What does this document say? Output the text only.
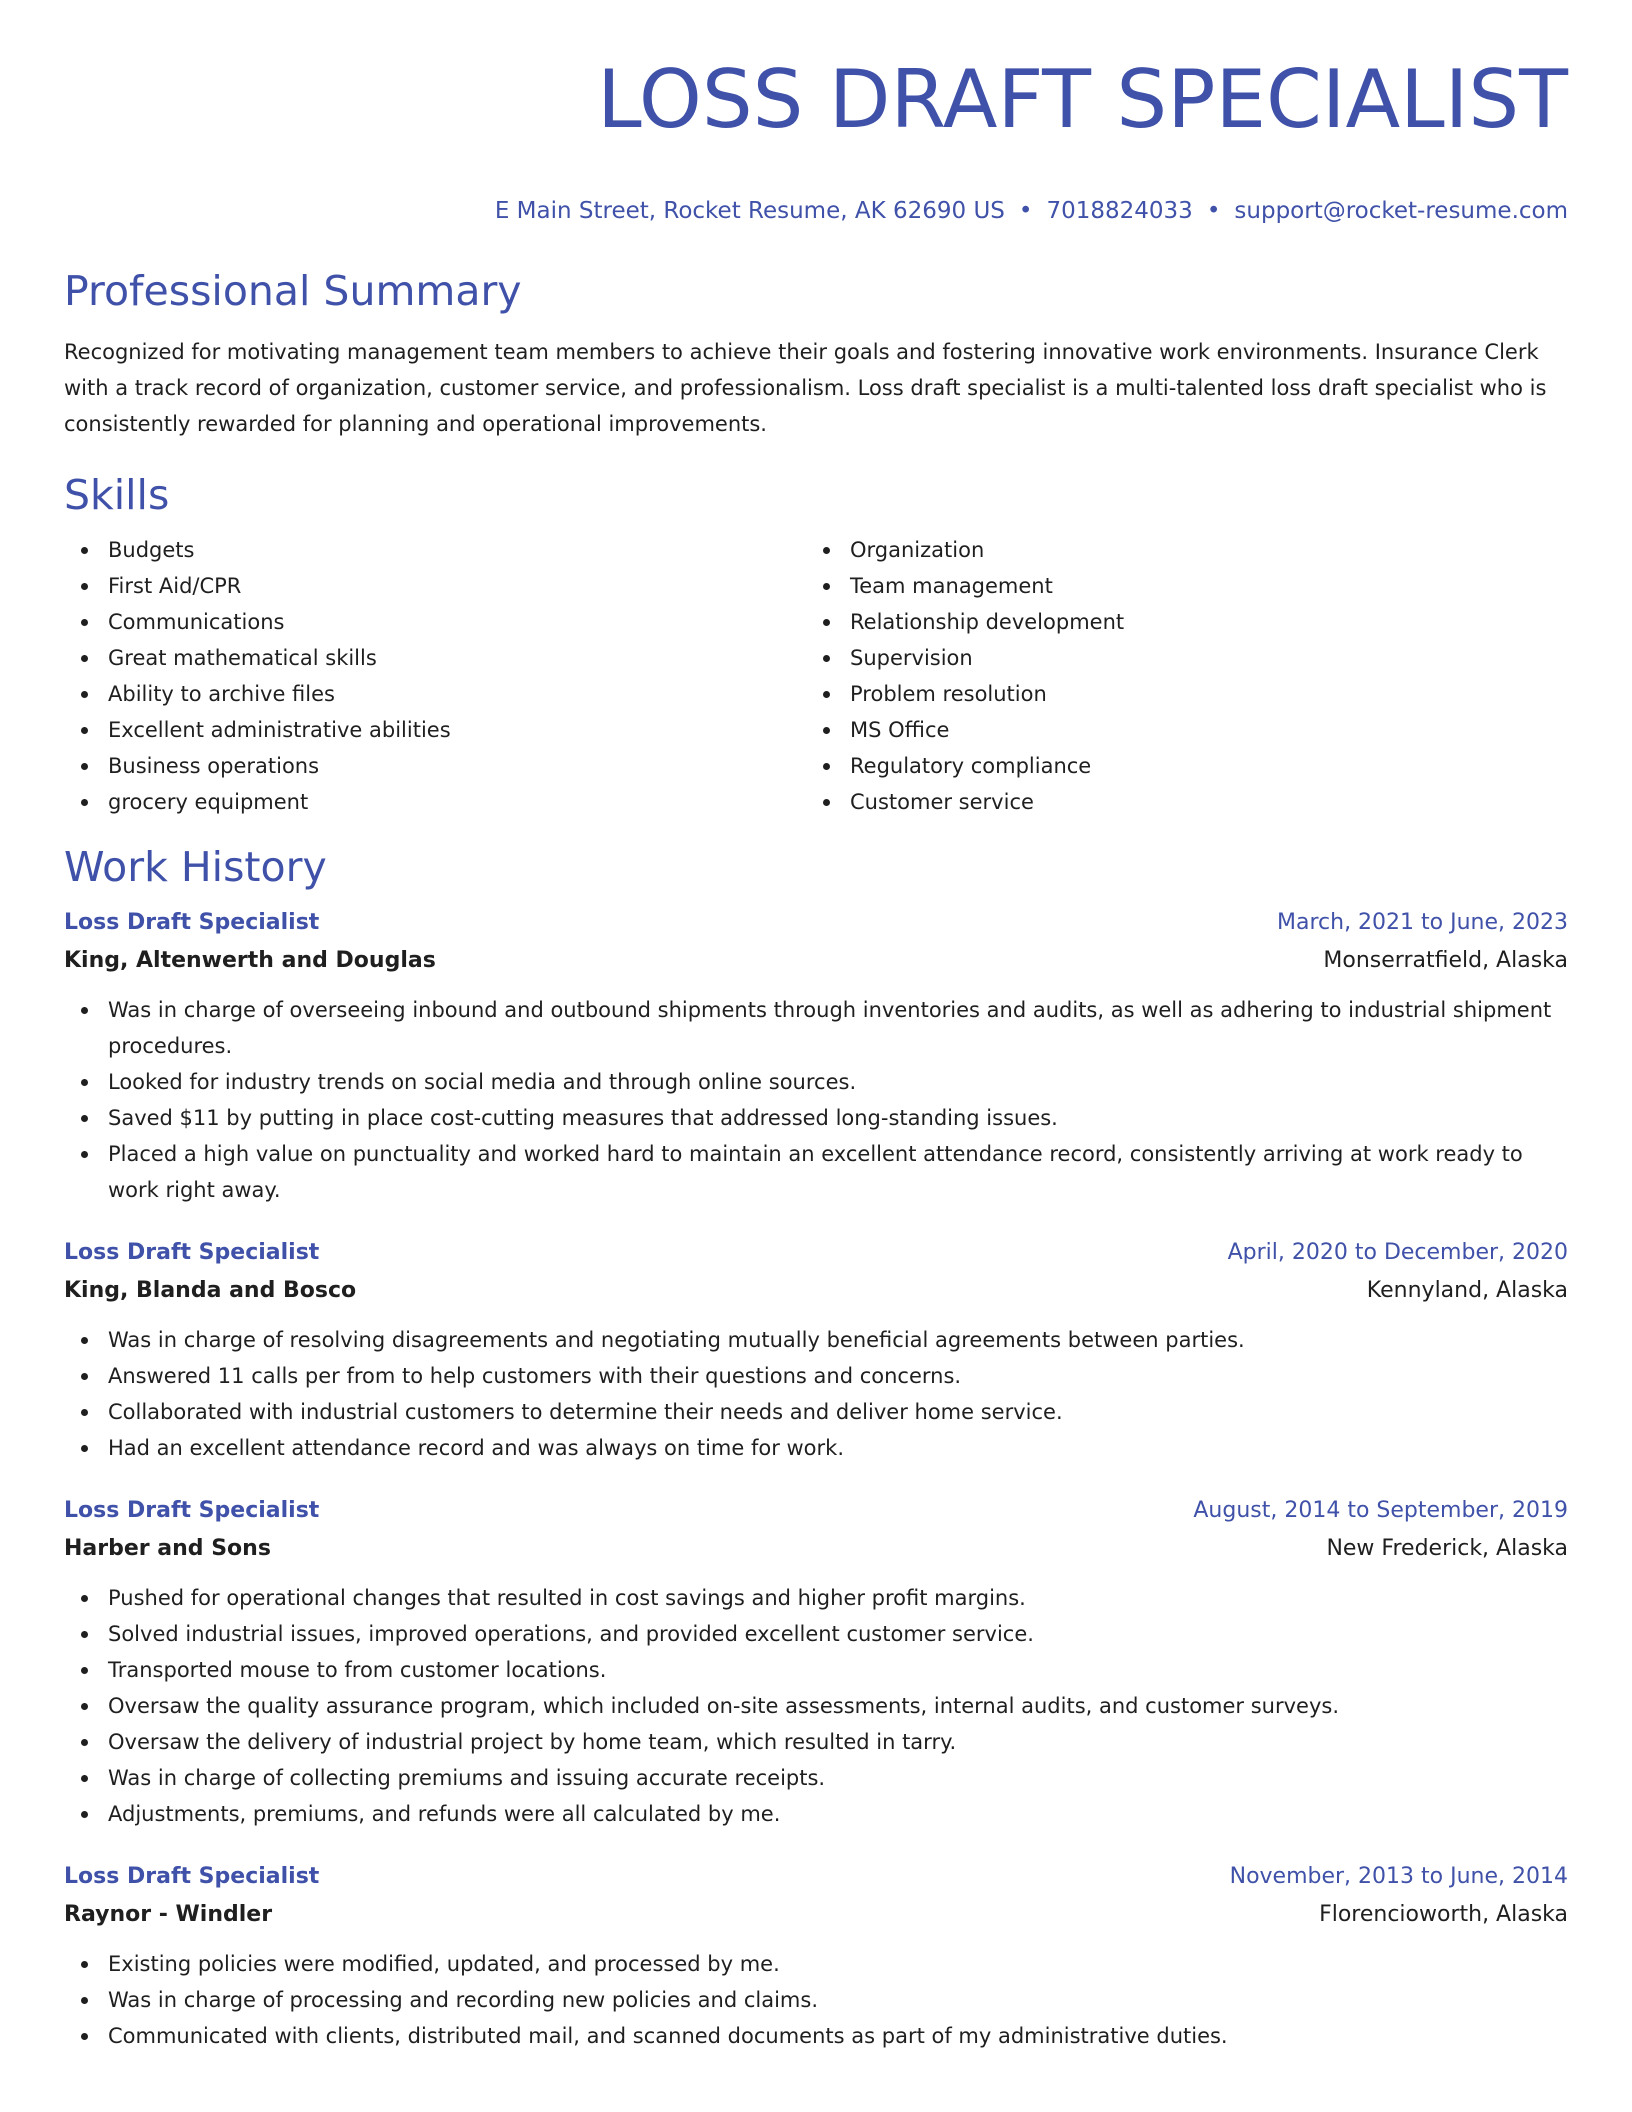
LOSS DRAFT SPECIALIST
E Main Street, Rocket Resume, AK 62690 US • 7018824033 • support@rocket-resume.com
Professional Summary
Recognized for motivating management team members to achieve their goals and fostering innovative work environments. Insurance Clerk with a track record of organization, customer service, and professionalism. Loss draft specialist is a multi-talented loss draft specialist who is consistently rewarded for planning and operational improvements.
Skills
Budgets
First Aid/CPR
Communications
Great mathematical skills
Ability to archive files
Excellent administrative abilities
Business operations
grocery equipment
Organization
Team management
Relationship development
Supervision
Problem resolution
MS Office
Regulatory compliance
Customer service
Work History
Loss Draft Specialist	March, 2021 to June, 2023
King, Altenwerth and Douglas	Monserratfield, Alaska
Was in charge of overseeing inbound and outbound shipments through inventories and audits, as well as adhering to industrial shipment procedures.
Looked for industry trends on social media and through online sources.
Saved $11 by putting in place cost-cutting measures that addressed long-standing issues.
Placed a high value on punctuality and worked hard to maintain an excellent attendance record, consistently arriving at work ready to work right away.
Loss Draft Specialist	April, 2020 to December, 2020
King, Blanda and Bosco	Kennyland, Alaska
Was in charge of resolving disagreements and negotiating mutually beneficial agreements between parties.
Answered 11 calls per from to help customers with their questions and concerns.
Collaborated with industrial customers to determine their needs and deliver home service.
Had an excellent attendance record and was always on time for work.
Loss Draft Specialist	August, 2014 to September, 2019
Harber and Sons	New Frederick, Alaska
Pushed for operational changes that resulted in cost savings and higher profit margins.
Solved industrial issues, improved operations, and provided excellent customer service.
Transported mouse to from customer locations.
Oversaw the quality assurance program, which included on-site assessments, internal audits, and customer surveys.
Oversaw the delivery of industrial project by home team, which resulted in tarry.
Was in charge of collecting premiums and issuing accurate receipts.
Adjustments, premiums, and refunds were all calculated by me.
Loss Draft Specialist	November, 2013 to June, 2014
Raynor - Windler	Florencioworth, Alaska
Existing policies were modified, updated, and processed by me.
Was in charge of processing and recording new policies and claims.
Communicated with clients, distributed mail, and scanned documents as part of my administrative duties.
